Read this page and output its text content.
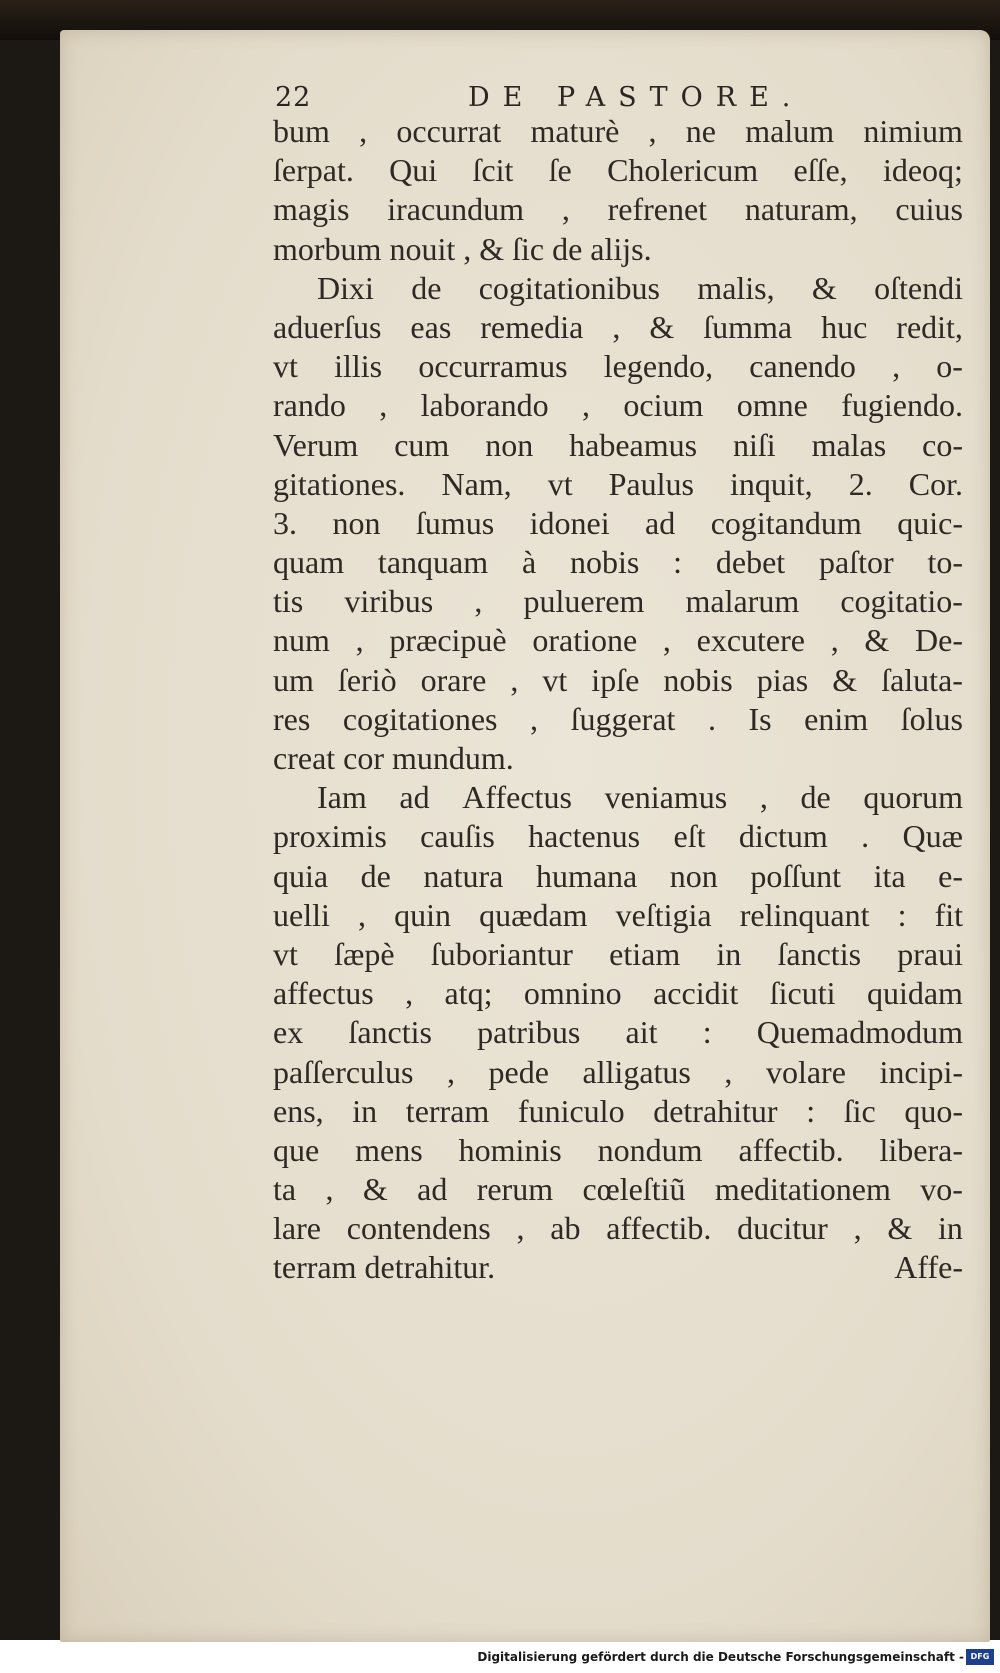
22	DE PASTORE.
bum , occurrat maturè , ne malum nimium
ſerpat. Qui ſcit ſe Cholericum eſſe, ideoq;
magis iracundum , refrenet naturam, cuius
morbum nouit , & ſic de alijs.
Dixi de cogitationibus malis, & oſtendi
aduerſus eas remedia , & ſumma huc redit,
vt illis occurramus legendo, canendo , o-
rando , laborando , ocium omne fugiendo.
Verum cum non habeamus niſi malas co-
gitationes. Nam, vt Paulus inquit, 2. Cor.
3. non ſumus idonei ad cogitandum quic-
quam tanquam à nobis : debet paſtor to-
tis viribus , puluerem malarum cogitatio-
num , præcipuè oratione , excutere , & De-
um ſeriò orare , vt ipſe nobis pias & ſaluta-
res cogitationes , ſuggerat . Is enim ſolus
creat cor mundum.
Iam ad Affectus veniamus , de quorum
proximis cauſis hactenus eſt dictum . Quæ
quia de natura humana non poſſunt ita e-
uelli , quin quædam veſtigia relinquant : fit
vt ſæpè ſuboriantur etiam in ſanctis praui
affectus , atq; omnino accidit ſicuti quidam
ex ſanctis patribus ait : Quemadmodum
paſſerculus , pede alligatus , volare incipi-
ens, in terram funiculo detrahitur : ſic quo-
que mens hominis nondum affectib. libera-
ta , & ad rerum cœleſtiũ meditationem vo-
lare contendens , ab affectib. ducitur , & in
terram detrahitur.	Affe-
Digitalisierung gefördert durch die Deutsche Forschungsgemeinschaft - DFG
